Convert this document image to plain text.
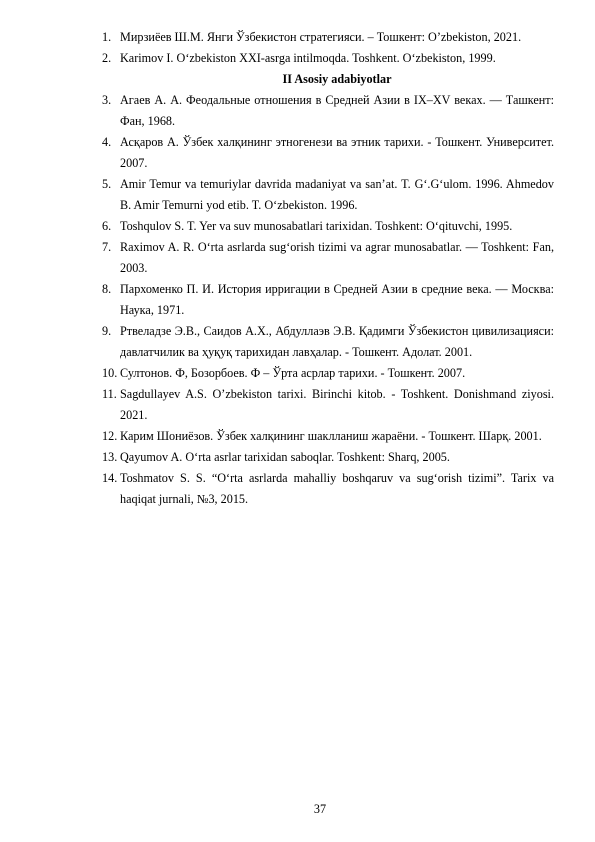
1. Мирзиёев Ш.М. Янги Ўзбекистон стратегияси. – Тошкент: O’zbekiston, 2021.
2. Karimov I. O‘zbekiston XXI-asrga intilmoqda. Toshkent. O‘zbekiston, 1999.
II Asosiy adabiyotlar
3. Агаев А. А. Феодальные отношения в Средней Азии в IX–XV веках. — Ташкент: Фан, 1968.
4. Асқаров А. Ўзбек халқининг этногенези ва этник тарихи. - Тошкент. Университет. 2007.
5. Amir Temur va temuriylar davrida madaniyat va san’at. T. G‘.G‘ulom. 1996. Ahmedov B. Amir Temurni yod etib. T. O‘zbekiston. 1996.
6. Toshqulov S. T. Yer va suv munosabatlari tarixidan. Toshkent: O‘qituvchi, 1995.
7. Raximov A. R. O‘rta asrlarda sug‘orish tizimi va agrar munosabatlar. — Toshkent: Fan, 2003.
8. Пархоменко П. И. История ирригации в Средней Азии в средние века. — Москва: Наука, 1971.
9. Ртвеладзе Э.В., Саидов А.Х., Абдуллаэв Э.В. Қадимги Ўзбекистон цивилизацияси: давлатчилик ва ҳуқуқ тарихидан лавҳалар. - Тошкент. Адолат. 2001.
10. Султонов. Ф, Бозорбоев. Ф – Ўрта асрлар тарихи. - Тошкент. 2007.
11. Sagdullayev A.S. O’zbekiston tarixi. Birinchi kitob. - Toshkent. Donishmand ziyosi. 2021.
12. Карим Шониёзов. Ўзбек халқининг шаклланиш жараёни. - Тошкент. Шарқ. 2001.
13. Qayumov A. O‘rta asrlar tarixidan saboqlar. Toshkent: Sharq, 2005.
14. Toshmatov S. S. “O‘rta asrlarda mahalliy boshqaruv va sug‘orish tizimi”. Tarix va haqiqat jurnali, №3, 2015.
37
